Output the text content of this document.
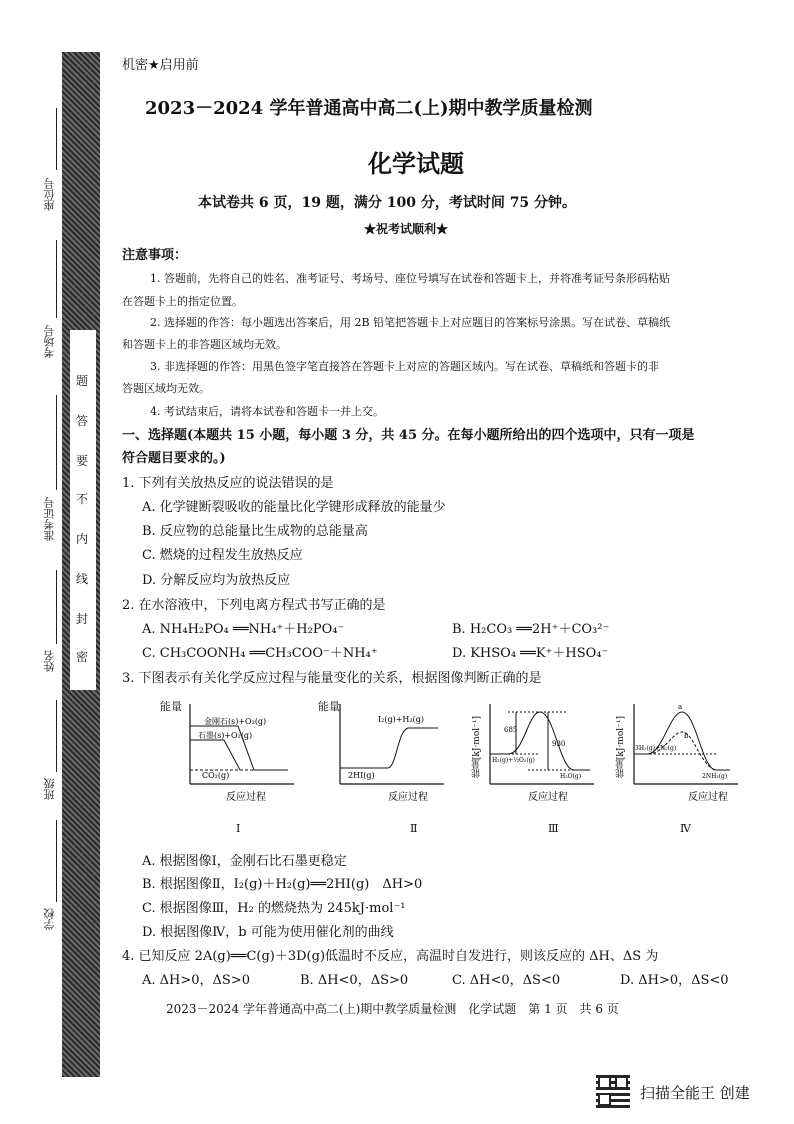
题
答
要
不
内
线
封
密
座位号
考场号
准考证号
姓名
班级
学校
机密★启用前
2023－2024 学年普通高中高二(上)期中教学质量检测
化学试题
本试卷共 6 页，19 题，满分 100 分，考试时间 75 分钟。
★祝考试顺利★
注意事项：
1. 答题前，先将自己的姓名、准考证号、考场号、座位号填写在试卷和答题卡上，并将准考证号条形码粘贴
在答题卡上的指定位置。
2. 选择题的作答：每小题选出答案后，用 2B 铅笔把答题卡上对应题目的答案标号涂黑。写在试卷、草稿纸
和答题卡上的非答题区域均无效。
3. 非选择题的作答：用黑色签字笔直接答在答题卡上对应的答题区域内。写在试卷、草稿纸和答题卡的非
答题区域均无效。
4. 考试结束后，请将本试卷和答题卡一并上交。
一、选择题(本题共 15 小题，每小题 3 分，共 45 分。在每小题所给出的四个选项中，只有一项是
符合题目要求的。)
1. 下列有关放热反应的说法错误的是
A. 化学键断裂吸收的能量比化学键形成释放的能量少
B. 反应物的总能量比生成物的总能量高
C. 燃烧的过程发生放热反应
D. 分解反应均为放热反应
2. 在水溶液中，下列电离方程式书写正确的是
A. NH₄H₂PO₄ ══NH₄⁺＋H₂PO₄⁻	B. H₂CO₃ ══2H⁺＋CO₃²⁻
C. CH₃COONH₄ ══CH₃COO⁻＋NH₄⁺	D. KHSO₄ ══K⁺＋HSO₄⁻
3. 下图表示有关化学反应过程与能量变化的关系，根据图像判断正确的是
金刚石(s)+O₂(g)
石墨(s)+O₂(g)
CO₂(g)
反应过程
能量
I₂(g)+H₂(g)
2HI(g)
反应过程
能量
685
930
H₂(g)+½O₂(g)
H₂O(g)
反应过程
能量[kJ·mol⁻¹]
a
b
3H₂(g)+N₂(g)
2NH₃(g)
反应过程
能量[kJ·mol⁻¹]
Ⅰ	Ⅱ	Ⅲ	Ⅳ
A. 根据图像Ⅰ，金刚石比石墨更稳定
B. 根据图像Ⅱ，I₂(g)＋H₂(g)══2HI(g)　ΔH>0
C. 根据图像Ⅲ，H₂ 的燃烧热为 245kJ·mol⁻¹
D. 根据图像Ⅳ，b 可能为使用催化剂的曲线
4. 已知反应 2A(g)══C(g)＋3D(g)低温时不反应，高温时自发进行，则该反应的 ΔH、ΔS 为
A. ΔH>0，ΔS>0	B. ΔH<0，ΔS>0	C. ΔH<0，ΔS<0	D. ΔH>0，ΔS<0
2023－2024 学年普通高中高二(上)期中教学质量检测　化学试题　第 1 页　共 6 页
扫描全能王 创建
